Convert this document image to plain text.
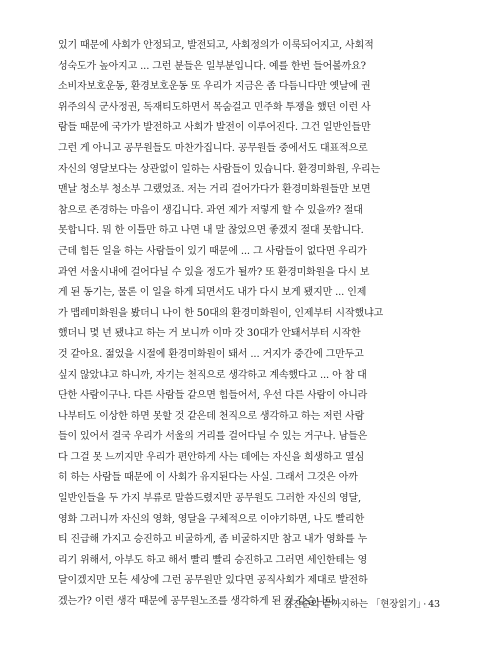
있기 때문에 사회가 안정되고, 발전되고, 사회정의가 이룩되어지고, 사회적
성숙도가 높아지고 ... 그런 분들은 일부분입니다. 예를 한번 들어볼까요?
소비자보호운동, 환경보호운동 또 우리가 지금은 좀 다듬니다만 옛날에 권
위주의식 군사정권, 독재티도하면서 목숨걸고 민주화 투쟁을 했던 이런 사
람들 때문에 국가가 발전하고 사회가 발전이 이루어진다. 그건 일반인들만
그런 게 아니고 공무원들도 마찬가집니다. 공무원들 중에서도 대표적으로
자신의 영달보다는 상관없이 일하는 사람들이 있습니다. 환경미화원, 우리는
맨날 청소부 청소부 그랬었죠. 저는 거리 걸어가다가 환경미화원들만 보면
참으로 존경하는 마음이 생깁니다. 과연 제가 저렇게 할 수 있을까? 절대
못합니다. 뭐 한 이틀만 하고 나면 내 말 찮었으면 좋겠지 절대 못합니다.
근데 힘든 일을 하는 사람들이 있기 때문에 ... 그 사람들이 없다면 우리가
과연 서울시내에 걸어다닐 수 있을 정도가 될까? 또 환경미화원을 다시 보
게 된 동기는, 물론 이 일을 하게 되면서도 내가 다시 보게 됐지만 ... 인제
가 맵레미화원을 봤더니 나이 한 50대의 환경미화원이, 인제부터 시작했냐고
했더니 몇 년 됐냐고 하는 거 보니까 이마 갓 30대가 안돼서부터 시작한
것 같아요. 젊었을 시절에 환경미화원이 돼서 ... 거지가 중간에 그만두고
싶지 않았냐고 하니까, 자기는 천직으로 생각하고 계속했다고 ... 아 참 대
단한 사람이구나. 다른 사람들 같으면 힘들어서, 우선 다른 사람이 아니라
나부터도 이상한 하면 못할 것 같은데 천직으로 생각하고 하는 저런 사람
들이 있어서 결국 우리가 서울의 거리를 걸어다닐 수 있는 거구나. 남들은
다 그걸 못 느끼지만 우리가 편안하게 사는 데에는 자신을 희생하고 열심
히 하는 사람들 때문에 이 사회가 유지된다는 사실. 그래서 그것은 아까
일반인들을 두 가지 부류로 말씀드렸지만 공무원도 그러한 자신의 영달,
영화 그러니까 자신의 영화, 영달을 구체적으로 이야기하면, 나도 빨리한
티 진급해 가지고 승진하고 비굴하게, 좀 비굴하지만 참고 내가 영화를 누
리기 위해서, 아부도 하고 해서 빨리 빨리 승진하고 그러면 세인한테는 영
달이겠지만 모든 세상에 그런 공무원만 있다면 공직사회가 제대로 발전하
겠는가? 이런 생각 때문에 공무원노조를 생각하게 된 것 같습니다.
김진순의 끝까지하는 「현장읽기」 · 43
